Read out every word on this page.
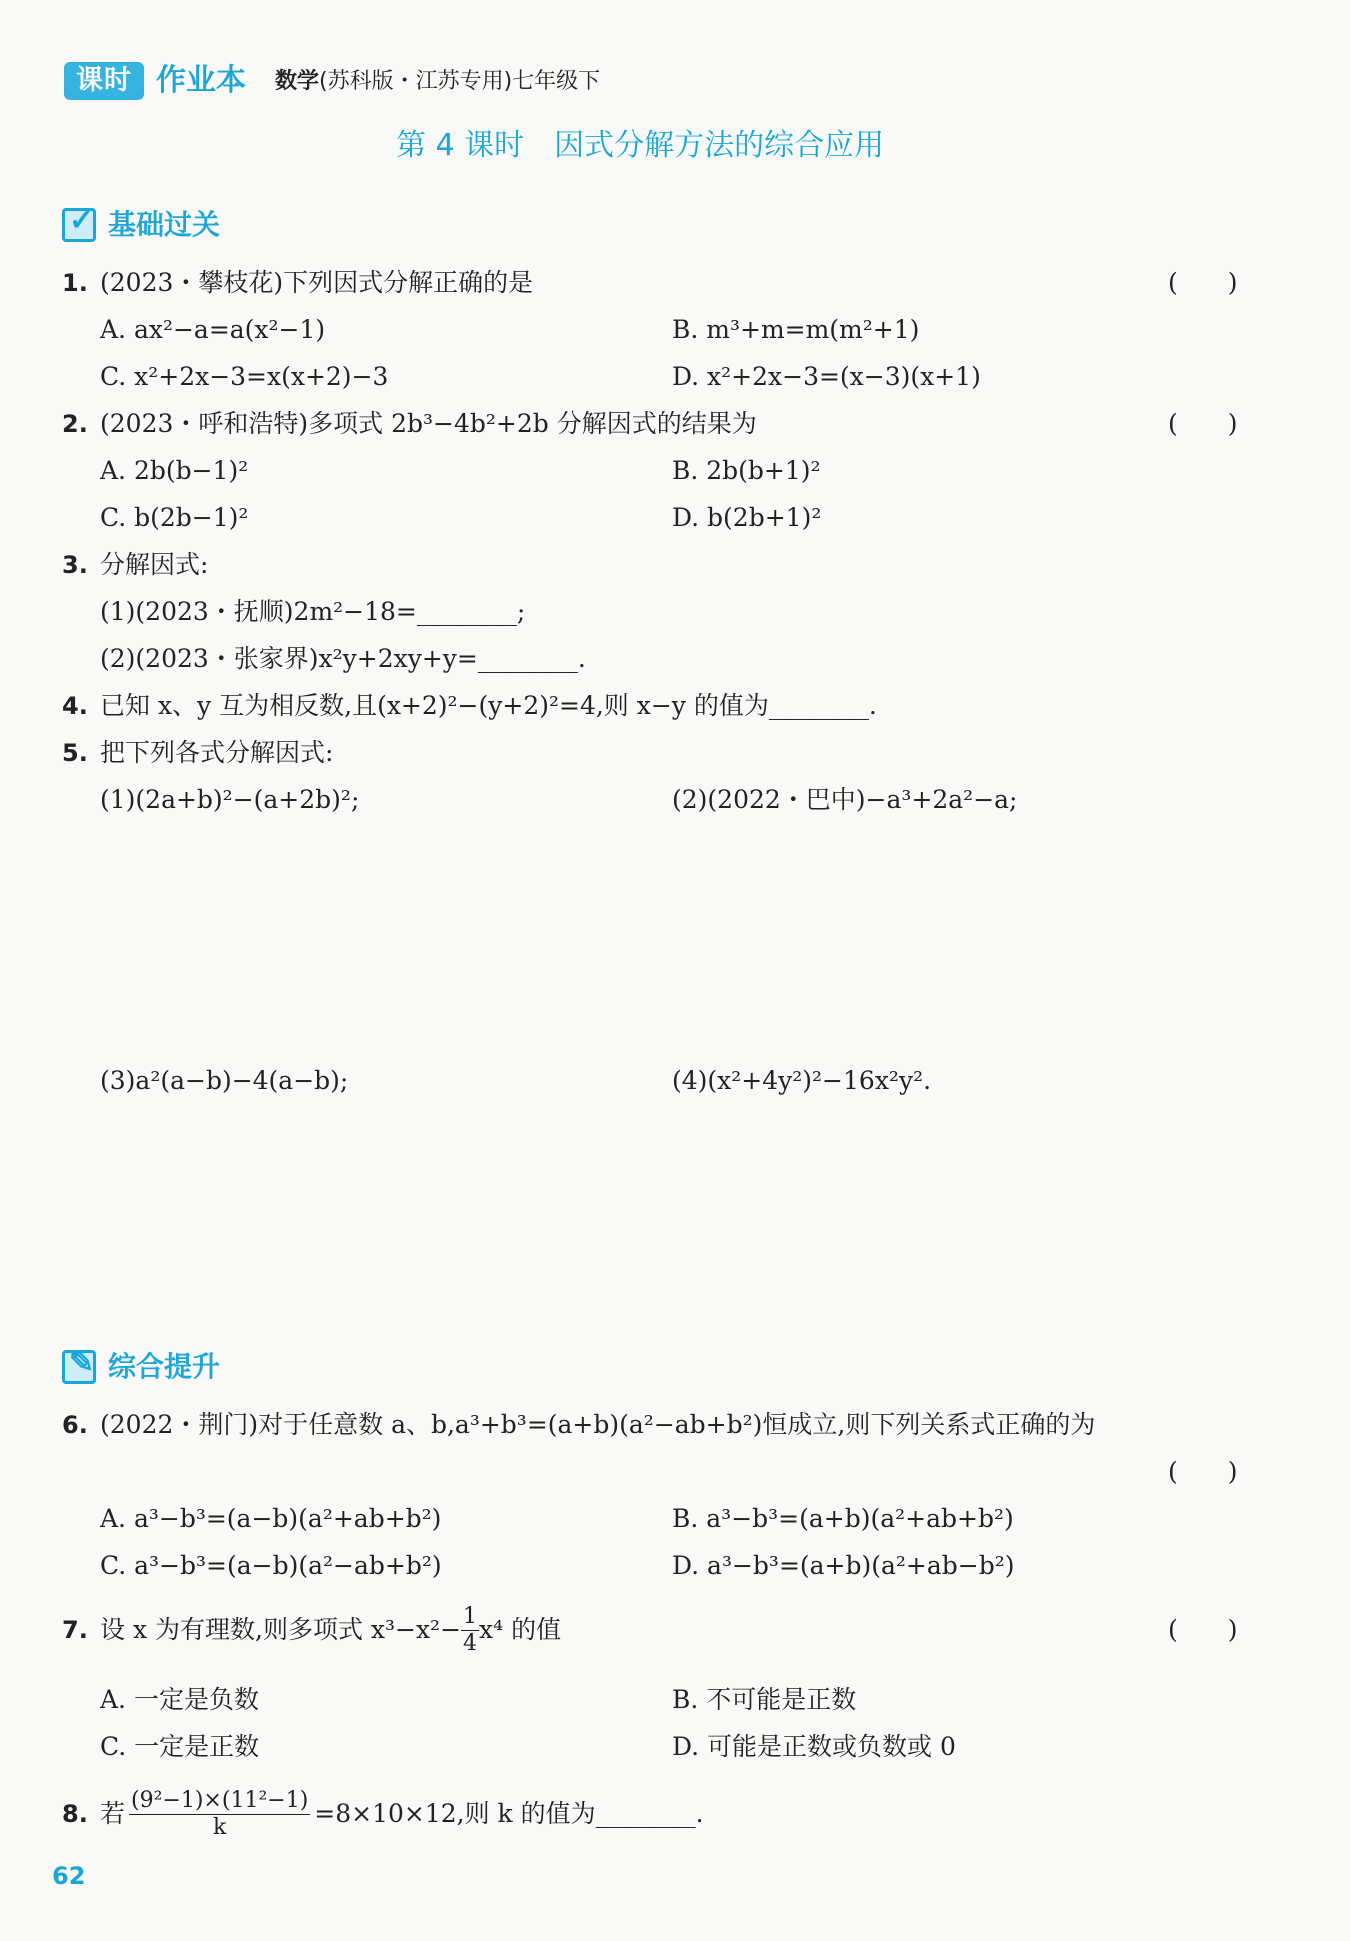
课时 作业本 数学(苏科版・江苏专用)七年级下
第 4 课时　因式分解方法的综合应用
✓ 基础过关
1. (2023・攀枝花)下列因式分解正确的是	(　　)
A. ax²−a=a(x²−1)	B. m³+m=m(m²+1)
C. x²+2x−3=x(x+2)−3	D. x²+2x−3=(x−3)(x+1)
2. (2023・呼和浩特)多项式 2b³−4b²+2b 分解因式的结果为	(　　)
A. 2b(b−1)²	B. 2b(b+1)²
C. b(2b−1)²	D. b(2b+1)²
3. 分解因式:
(1)(2023・抚顺)2m²−18=________;
(2)(2023・张家界)x²y+2xy+y=________.
4. 已知 x、y 互为相反数,且(x+2)²−(y+2)²=4,则 x−y 的值为________.
5. 把下列各式分解因式:
(1)(2a+b)²−(a+2b)²;	(2)(2022・巴中)−a³+2a²−a;
(3)a²(a−b)−4(a−b);	(4)(x²+4y²)²−16x²y².
✎ 综合提升
6. (2022・荆门)对于任意数 a、b,a³+b³=(a+b)(a²−ab+b²)恒成立,则下列关系式正确的为
(　　)
A. a³−b³=(a−b)(a²+ab+b²)	B. a³−b³=(a+b)(a²+ab+b²)
C. a³−b³=(a−b)(a²−ab+b²)	D. a³−b³=(a+b)(a²+ab−b²)
7. 设 x 为有理数,则多项式 $x^3-x^2- \frac{1}{4} x^4$ 的值	(　　)
A. 一定是负数	B. 不可能是正数
C. 一定是正数	D. 可能是正数或负数或 0
8. 若 $\frac{\text{(9²−1)×(11²−1)}}{k} =8\times 10\times 12$,则 k 的值为________.
62
